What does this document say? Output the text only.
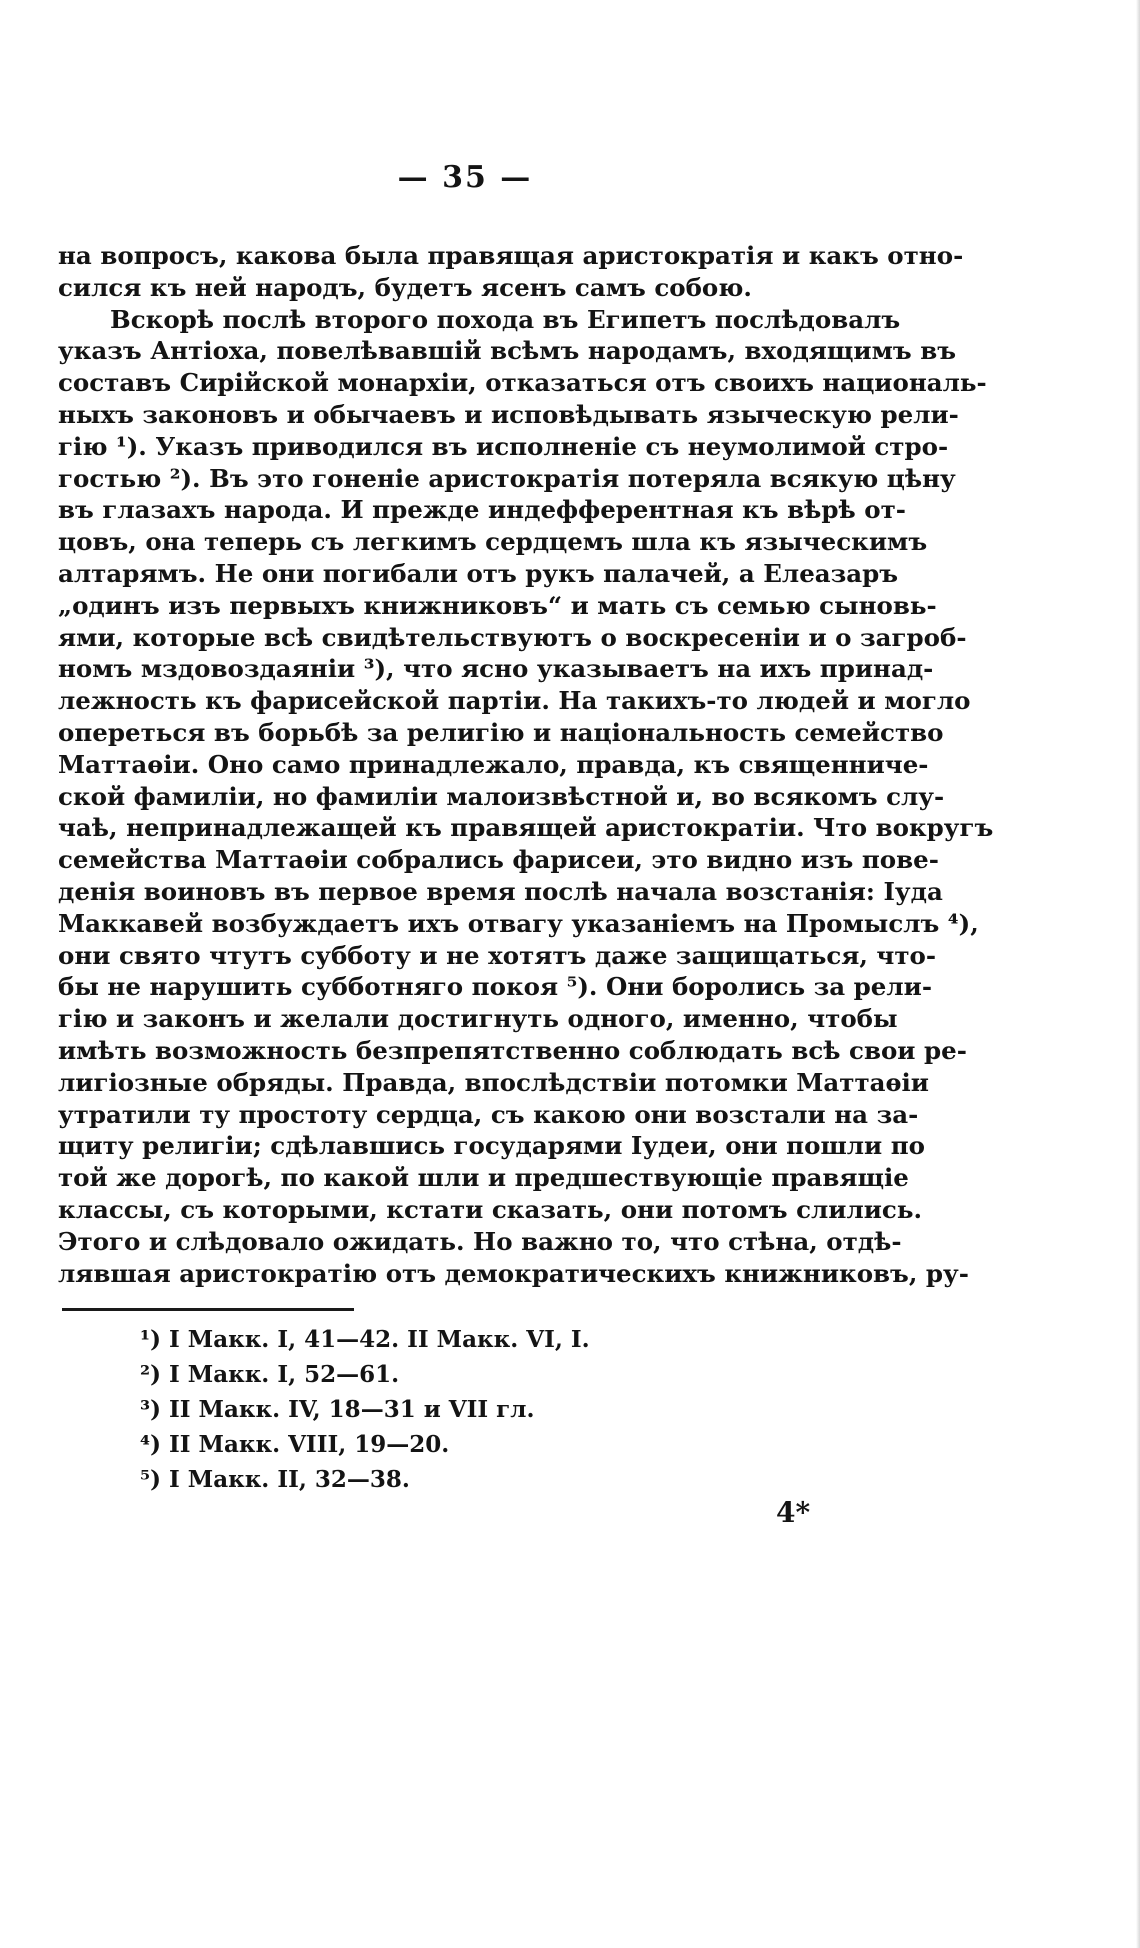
— 35 —
на вопросъ, какова была правящая аристократія и какъ отно-
сился къ ней народъ, будетъ ясенъ самъ собою.
Вскорѣ послѣ второго похода въ Египетъ послѣдовалъ
указъ Антіоха, повелѣвавшій всѣмъ народамъ, входящимъ въ
составъ Сирійской монархіи, отказаться отъ своихъ националь-
ныхъ законовъ и обычаевъ и исповѣдывать языческую рели-
гію ¹). Указъ приводился въ исполненіе съ неумолимой стро-
гостью ²). Въ это гоненіе аристократія потеряла всякую цѣну
въ глазахъ народа. И прежде индефферентная къ вѣрѣ от-
цовъ, она теперь съ легкимъ сердцемъ шла къ языческимъ
алтарямъ. Не они погибали отъ рукъ палачей, а Елеазаръ
„одинъ изъ первыхъ книжниковъ“ и мать съ семью сыновь-
ями, которые всѣ свидѣтельствуютъ о воскресеніи и о загроб-
номъ мздовоздаяніи ³), что ясно указываетъ на ихъ принад-
лежность къ фарисейской партіи. На такихъ-то людей и могло
опереться въ борьбѣ за религію и національность семейство
Маттаѳіи. Оно само принадлежало, правда, къ священниче-
ской фамиліи, но фамиліи малоизвѣстной и, во всякомъ слу-
чаѣ, непринадлежащей къ правящей аристократіи. Что вокругъ
семейства Маттаѳіи собрались фарисеи, это видно изъ пове-
денія воиновъ въ первое время послѣ начала возстанія: Іуда
Маккавей возбуждаетъ ихъ отвагу указаніемъ на Промыслъ ⁴),
они свято чтутъ субботу и не хотятъ даже защищаться, что-
бы не нарушить субботняго покоя ⁵). Они боролись за рели-
гію и законъ и желали достигнуть одного, именно, чтобы
имѣть возможность безпрепятственно соблюдать всѣ свои ре-
лигіозные обряды. Правда, впослѣдствіи потомки Маттаѳіи
утратили ту простоту сердца, съ какою они возстали на за-
щиту религіи; сдѣлавшись государями Іудеи, они пошли по
той же дорогѣ, по какой шли и предшествующіе правящіе
классы, съ которыми, кстати сказать, они потомъ слились.
Этого и слѣдовало ожидать. Но важно то, что стѣна, отдѣ-
лявшая аристократію отъ демократическихъ книжниковъ, ру-
¹) I Макк. I, 41—42. II Макк. VI, I.
²) I Макк. I, 52—61.
³) II Макк. IV, 18—31 и VII гл.
⁴) II Макк. VIII, 19—20.
⁵) I Макк. II, 32—38.
4*
